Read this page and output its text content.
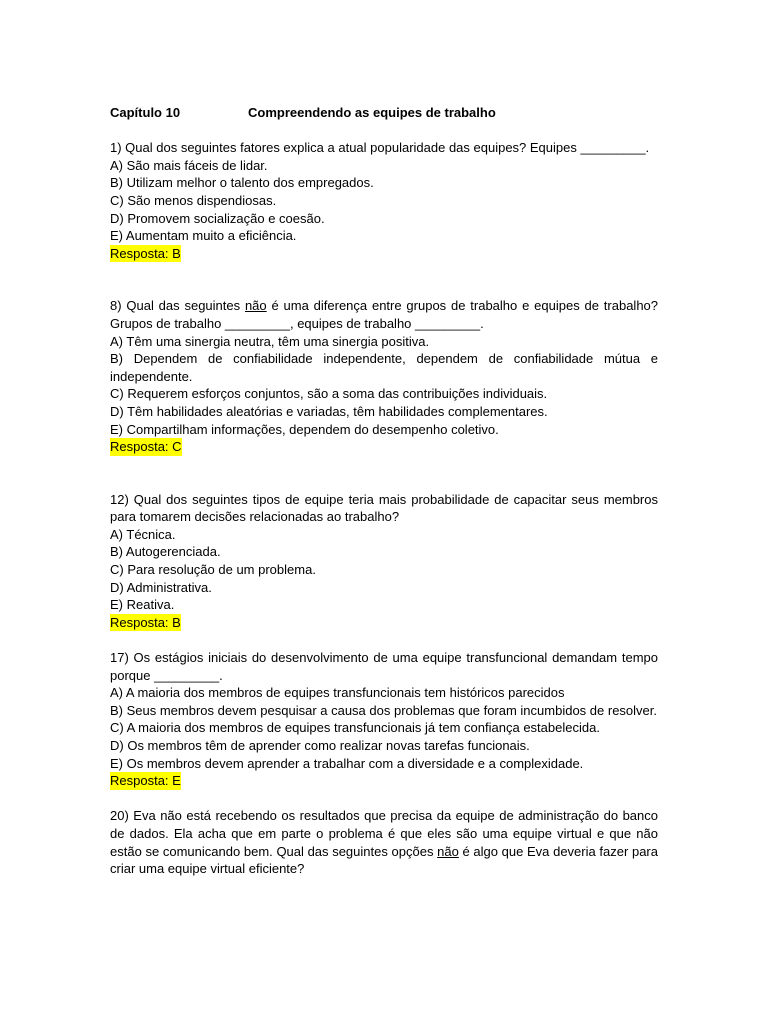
Capítulo 10	Compreendendo as equipes de trabalho
1) Qual dos seguintes fatores explica a atual popularidade das equipes? Equipes _________.
A) São mais fáceis de lidar.
B) Utilizam melhor o talento dos empregados.
C) São menos dispendiosas.
D) Promovem socialização e coesão.
E) Aumentam muito a eficiência.
Resposta: B
8) Qual das seguintes não é uma diferença entre grupos de trabalho e equipes de trabalho? Grupos de trabalho _________, equipes de trabalho _________.
A) Têm uma sinergia neutra, têm uma sinergia positiva.
B) Dependem de confiabilidade independente, dependem de confiabilidade mútua e independente.
C) Requerem esforços conjuntos, são a soma das contribuições individuais.
D) Têm habilidades aleatórias e variadas, têm habilidades complementares.
E) Compartilham informações, dependem do desempenho coletivo.
Resposta: C
12) Qual dos seguintes tipos de equipe teria mais probabilidade de capacitar seus membros para tomarem decisões relacionadas ao trabalho?
A) Técnica.
B) Autogerenciada.
C) Para resolução de um problema.
D) Administrativa.
E) Reativa.
Resposta: B
17) Os estágios iniciais do desenvolvimento de uma equipe transfuncional demandam tempo porque _________.
A) A maioria dos membros de equipes transfuncionais tem históricos parecidos
B) Seus membros devem pesquisar a causa dos problemas que foram incumbidos de resolver.
C) A maioria dos membros de equipes transfuncionais já tem confiança estabelecida.
D) Os membros têm de aprender como realizar novas tarefas funcionais.
E) Os membros devem aprender a trabalhar com a diversidade e a complexidade.
Resposta: E
20) Eva não está recebendo os resultados que precisa da equipe de administração do banco de dados. Ela acha que em parte o problema é que eles são uma equipe virtual e que não estão se comunicando bem. Qual das seguintes opções não é algo que Eva deveria fazer para criar uma equipe virtual eficiente?
